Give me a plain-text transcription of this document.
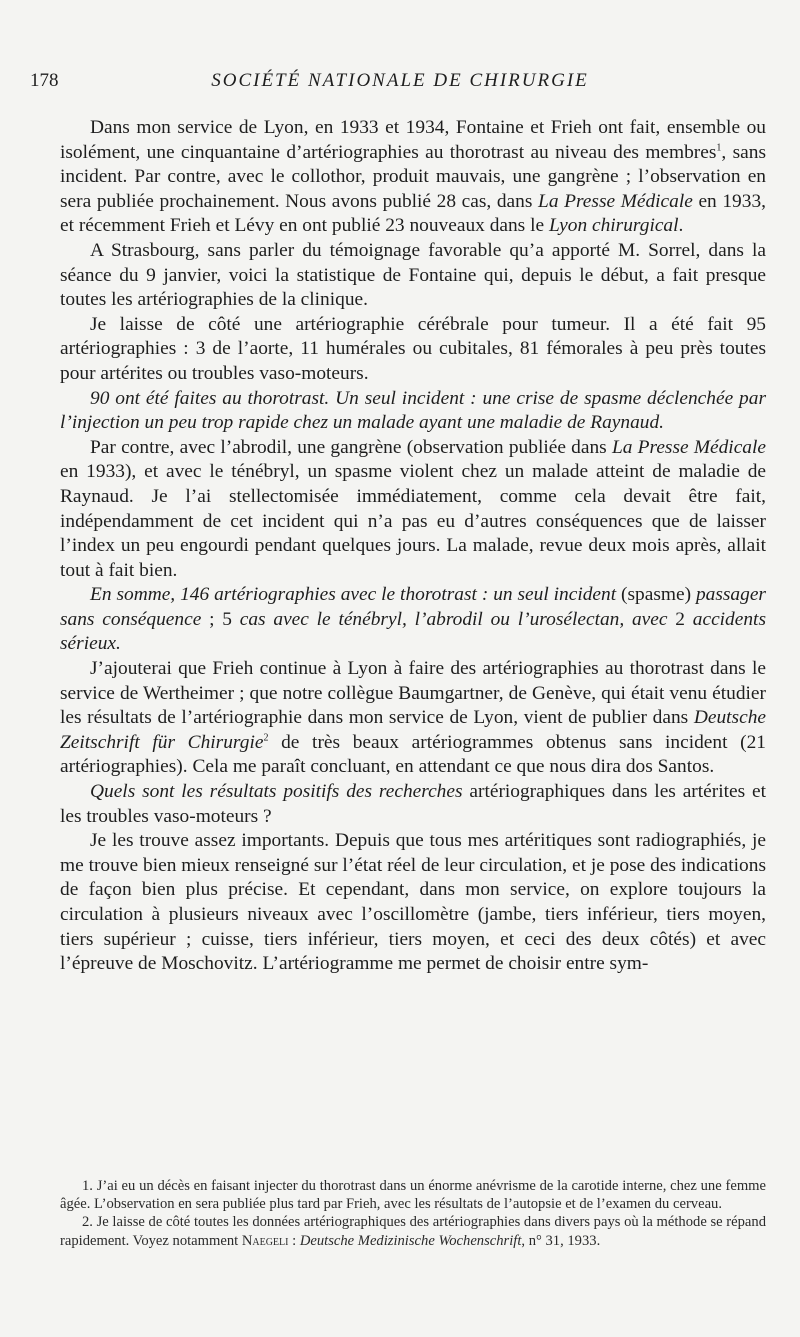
178	SOCIÉTÉ NATIONALE DE CHIRURGIE

Dans mon service de Lyon, en 1933 et 1934, Fontaine et Frieh ont fait, ensemble ou isolément, une cinquantaine d’artériographies au thorotrast au niveau des membres$^1$, sans incident. Par contre, avec le collothor, produit mauvais, une gangrène ; l’observation en sera publiée prochainement. Nous avons publié 28 cas, dans La Presse Médicale en 1933, et récemment Frieh et Lévy en ont publié 23 nouveaux dans le Lyon chirurgical.

A Strasbourg, sans parler du témoignage favorable qu’a apporté M. Sorrel, dans la séance du 9 janvier, voici la statistique de Fontaine qui, depuis le début, a fait presque toutes les artériographies de la clinique.

Je laisse de côté une artériographie cérébrale pour tumeur. Il a été fait 95 artériographies : 3 de l’aorte, 11 humérales ou cubitales, 81 fémorales à peu près toutes pour artérites ou troubles vaso-moteurs.

90 ont été faites au thorotrast. Un seul incident : une crise de spasme déclenchée par l’injection un peu trop rapide chez un malade ayant une maladie de Raynaud.

Par contre, avec l’abrodil, une gangrène (observation publiée dans La Presse Médicale en 1933), et avec le ténébryl, un spasme violent chez un malade atteint de maladie de Raynaud. Je l’ai stellectomisée immédiatement, comme cela devait être fait, indépendamment de cet incident qui n’a pas eu d’autres conséquences que de laisser l’index un peu engourdi pendant quelques jours. La malade, revue deux mois après, allait tout à fait bien.

En somme, 146 artériographies avec le thorotrast : un seul incident (spasme) passager sans conséquence ; 5 cas avec le ténébryl, l’abrodil ou l’urosélectan, avec 2 accidents sérieux.

J’ajouterai que Frieh continue à Lyon à faire des artériographies au thorotrast dans le service de Wertheimer ; que notre collègue Baumgartner, de Genève, qui était venu étudier les résultats de l’artériographie dans mon service de Lyon, vient de publier dans Deutsche Zeitschrift für Chirurgie$^2$ de très beaux artériogrammes obtenus sans incident (21 artériographies). Cela me paraît concluant, en attendant ce que nous dira dos Santos.

Quels sont les résultats positifs des recherches artériographiques dans les artérites et les troubles vaso-moteurs ?

Je les trouve assez importants. Depuis que tous mes artéritiques sont radiographiés, je me trouve bien mieux renseigné sur l’état réel de leur circulation, et je pose des indications de façon bien plus précise. Et cependant, dans mon service, on explore toujours la circulation à plusieurs niveaux avec l’oscillomètre (jambe, tiers inférieur, tiers moyen, tiers supérieur ; cuisse, tiers inférieur, tiers moyen, et ceci des deux côtés) et avec l’épreuve de Moschovitz. L’artériogramme me permet de choisir entre sym-

1. J’ai eu un décès en faisant injecter du thorotrast dans un énorme anévrisme de la carotide interne, chez une femme âgée. L’observation en sera publiée plus tard par Frieh, avec les résultats de l’autopsie et de l’examen du cerveau.

2. Je laisse de côté toutes les données artériographiques des artériographies dans divers pays où la méthode se répand rapidement. Voyez notamment Naegeli : Deutsche Medizinische Wochenschrift, n° 31, 1933.
